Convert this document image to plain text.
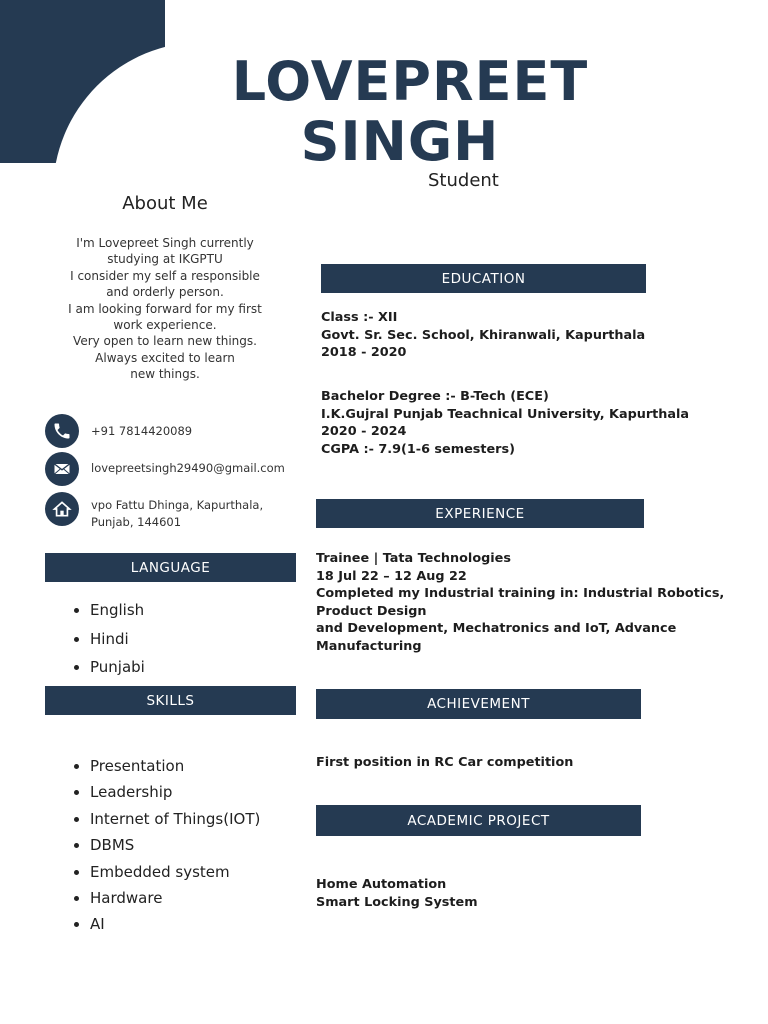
LOVEPREET
SINGH
Student
About Me
I'm Lovepreet Singh currently
studying at IKGPTU
I consider my self a responsible
and orderly person.
I am looking forward for my first
work experience.
Very open to learn new things.
Always excited to learn
new things.
+91 7814420089
lovepreetsingh29490@gmail.com
vpo Fattu Dhinga, Kapurthala,
Punjab, 144601
LANGUAGE
• English
• Hindi
• Punjabi
SKILLS
• Presentation
• Leadership
• Internet of Things(IOT)
• DBMS
• Embedded system
• Hardware
• AI
EDUCATION
Class :- XII
Govt. Sr. Sec. School, Khiranwali, Kapurthala
2018 - 2020
Bachelor Degree :- B-Tech (ECE)
I.K.Gujral Punjab Teachnical University, Kapurthala
2020 - 2024
CGPA :- 7.9(1-6 semesters)
EXPERIENCE
Trainee | Tata Technologies
18 Jul 22 – 12 Aug 22
Completed my Industrial training in: Industrial Robotics,
Product Design
and Development, Mechatronics and IoT, Advance
Manufacturing
ACHIEVEMENT
First position in RC Car competition
ACADEMIC PROJECT
Home Automation
Smart Locking System
